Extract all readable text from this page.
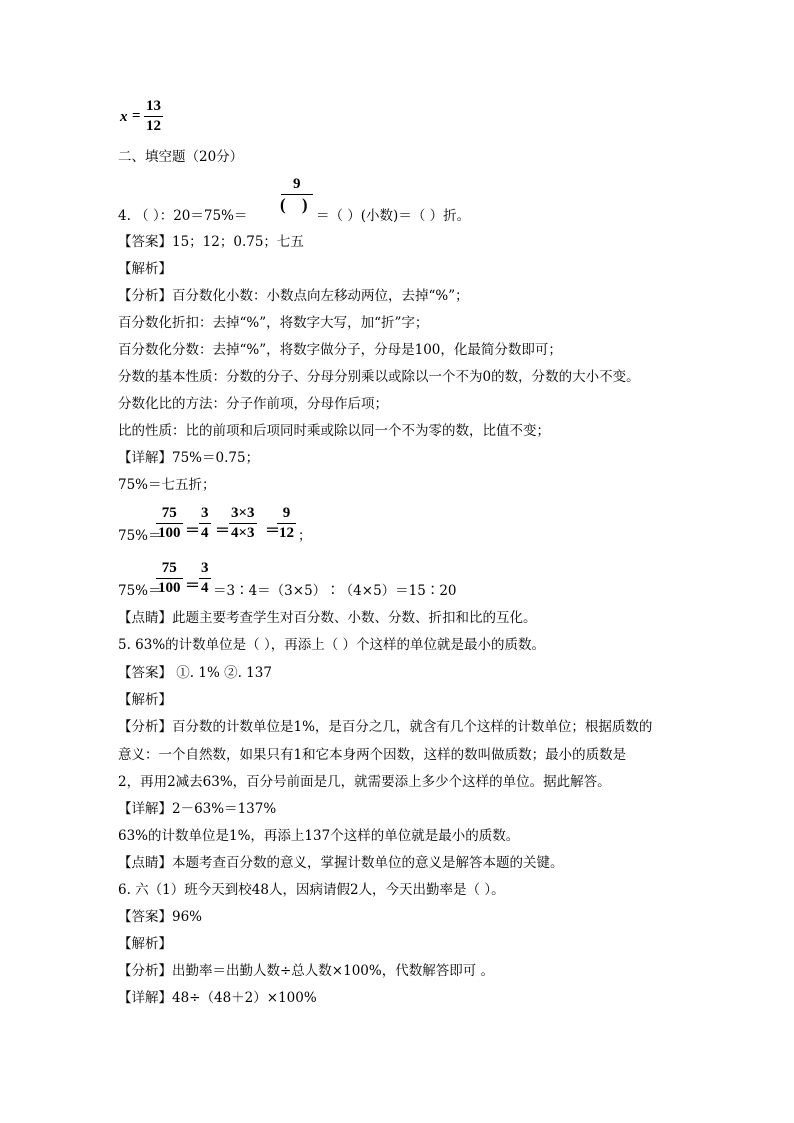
x =
13
12
二、填空题（20分）
4. （ ）：20＝75%＝
9
( )
＝（ ）(小数)＝（ ）折。
【答案】15；12；0.75；七五
【解析】
【分析】百分数化小数：小数点向左移动两位，去掉“%”；
百分数化折扣：去掉“%”，将数字大写，加“折”字；
百分数化分数：去掉“%”，将数字做分子，分母是100，化最简分数即可；
分数的基本性质：分数的分子、分母分别乘以或除以一个不为0的数，分数的大小不变。
分数化比的方法：分子作前项，分母作后项；
比的性质：比的前项和后项同时乘或除以同一个不为零的数，比值不变；
【详解】75%＝0.75；
75%＝七五折；
75%＝
75
100 ＝
3
4 ＝
3×3
4×3 ＝
9
12 ；
75%＝
75
100 ＝
3
4 ＝3∶4＝（3×5）∶（4×5）＝15∶20
【点睛】此题主要考查学生对百分数、小数、分数、折扣和比的互化。
5. 63%的计数单位是（ ），再添上（ ）个这样的单位就是最小的质数。
【答案】 ①. 1% ②. 137
【解析】
【分析】百分数的计数单位是1%，是百分之几，就含有几个这样的计数单位；根据质数的
意义：一个自然数，如果只有1和它本身两个因数，这样的数叫做质数；最小的质数是
2，再用2减去63%，百分号前面是几，就需要添上多少个这样的单位。据此解答。
【详解】2－63%＝137%
63%的计数单位是1%，再添上137个这样的单位就是最小的质数。
【点睛】本题考查百分数的意义，掌握计数单位的意义是解答本题的关键。
6. 六（1）班今天到校48人，因病请假2人，今天出勤率是（ ）。
【答案】96%
【解析】
【分析】出勤率＝出勤人数÷总人数×100%，代数解答即可 。
【详解】48÷（48＋2）×100%
